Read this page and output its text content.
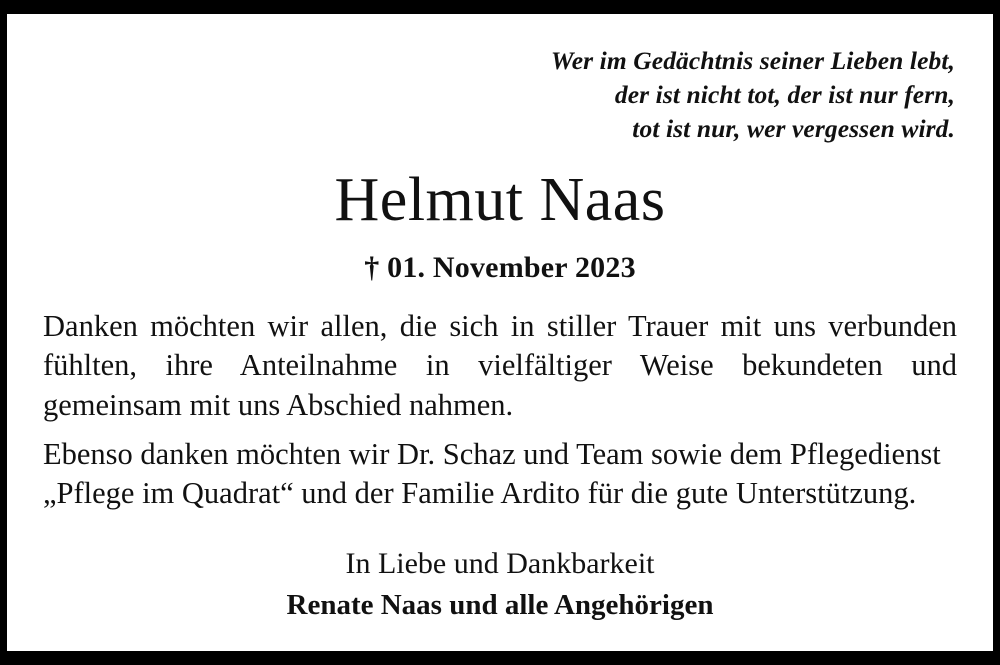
Wer im Gedächtnis seiner Lieben lebt,
der ist nicht tot, der ist nur fern,
tot ist nur, wer vergessen wird.
Helmut Naas
† 01. November 2023
Danken möchten wir allen, die sich in stiller Trauer mit uns verbunden fühlten, ihre Anteilnahme in vielfältiger Weise bekundeten und gemeinsam mit uns Abschied nahmen.
Ebenso danken möchten wir Dr. Schaz und Team sowie dem Pflegedienst „Pflege im Quadrat“ und der Familie Ardito für die gute Unterstützung.
In Liebe und Dankbarkeit
Renate Naas und alle Angehörigen
